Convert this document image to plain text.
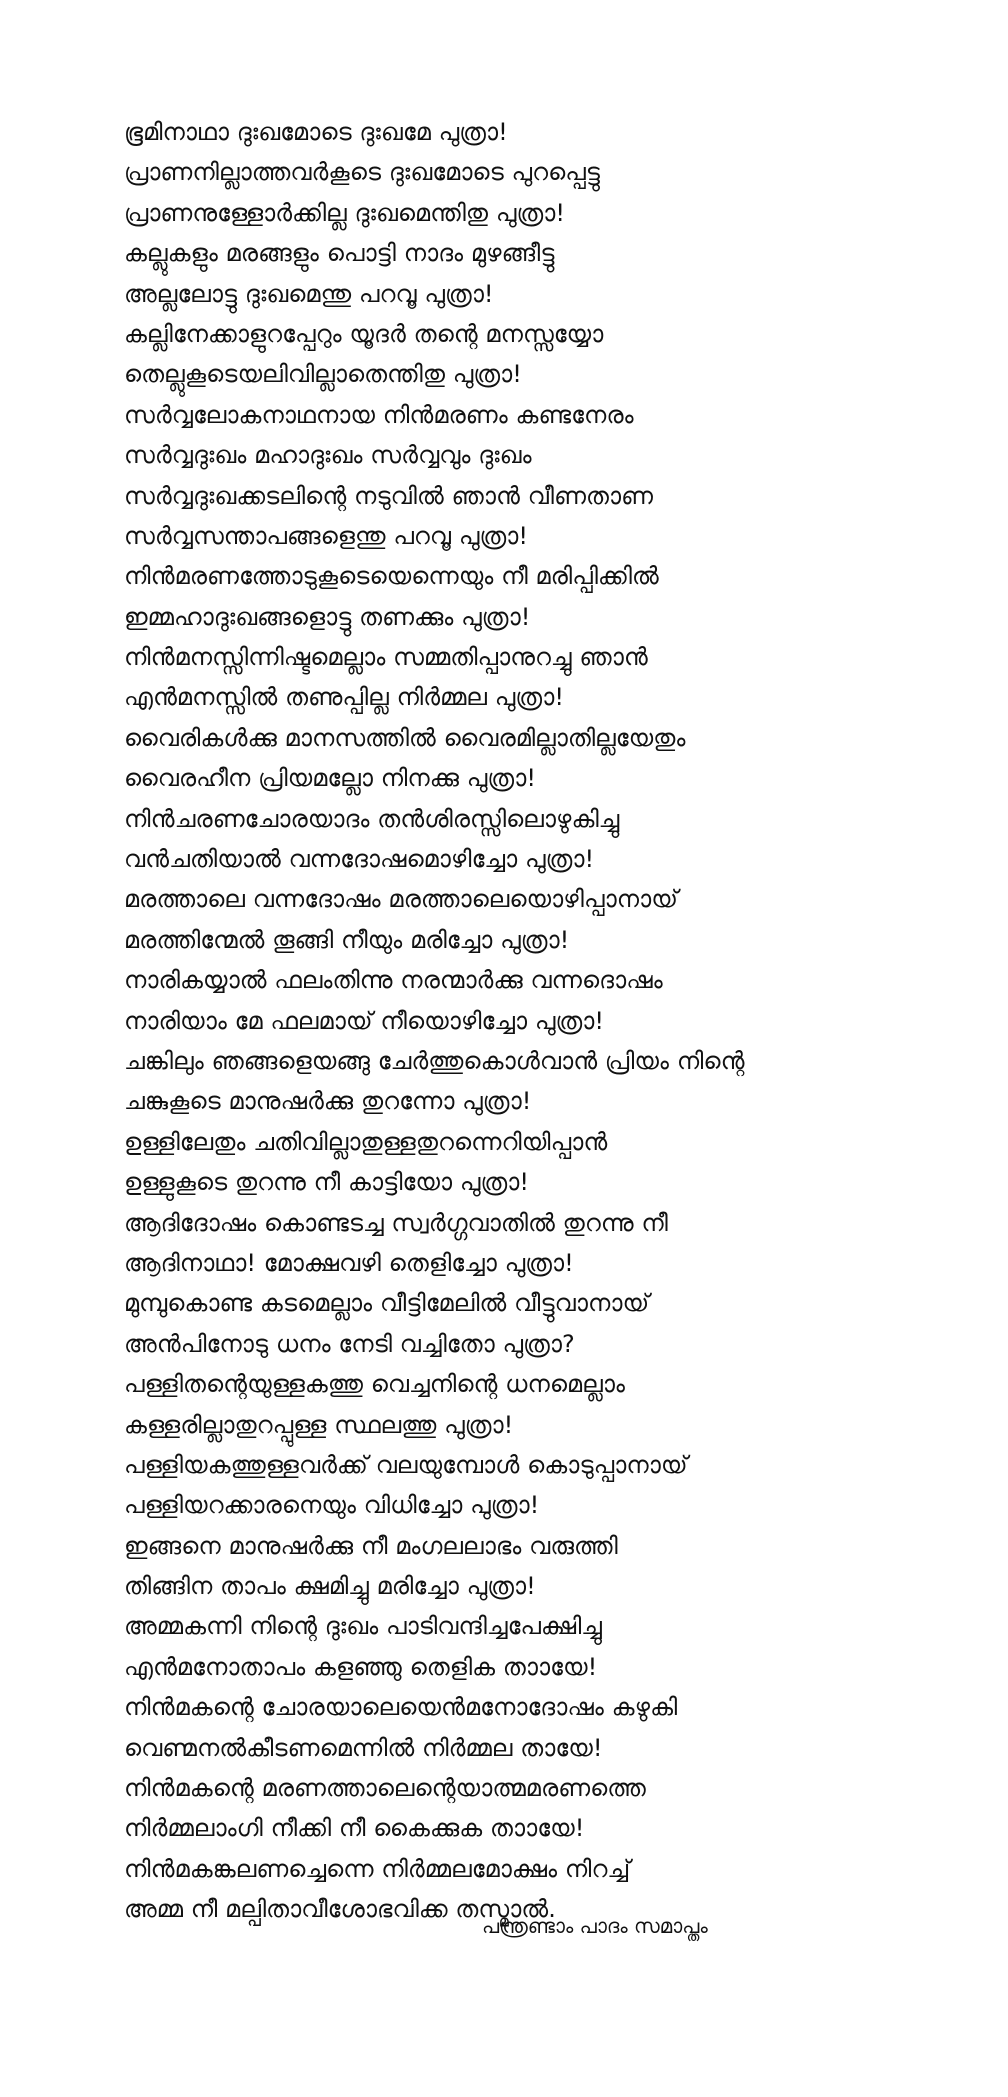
ഭൂമിനാഥാ ദുഃഖമോടെ ദുഃഖമേ പുത്രാ!
പ്രാണനില്ലാത്തവർകൂടെ ദുഃഖമോടെ പുറപ്പെട്ടു
പ്രാണനുള്ളോർക്കില്ല ദുഃഖമെന്തിതു പുത്രാ!
കല്ലുകളും മരങ്ങളും പൊട്ടി നാദം മുഴങ്ങീട്ടു
അല്ലലോട്ടു ദുഃഖമെന്തു പറവൂ പുത്രാ!
കല്ലിനേക്കാളുറപ്പേറും യൂദർ തന്റെ മനസ്സയ്യോ
തെല്ലുകൂടെയലിവില്ലാതെന്തിതു പുത്രാ!
സർവ്വലോകനാഥനായ നിൻമരണം കണ്ടനേരം
സർവ്വദുഃഖം മഹാദുഃഖം സർവ്വവും ദുഃഖം
സർവ്വദുഃഖക്കടലിന്റെ നടുവിൽ ഞാൻ വീണതാണ
സർവ്വസന്താപങ്ങളെന്തു പറവൂ പുത്രാ!
നിൻമരണത്തോടുകൂടെയെന്നെയും നീ മരിപ്പിക്കിൽ
ഇമ്മഹാദുഃഖങ്ങളൊട്ടു തണക്കും പുത്രാ!
നിൻമനസ്സിന്നിഷ്ടമെല്ലാം സമ്മതിപ്പാനുറച്ചു ഞാൻ
എൻമനസ്സിൽ തണുപ്പില്ല നിർമ്മല പുത്രാ!
വൈരികൾക്കു മാനസത്തിൽ വൈരമില്ലാതില്ലയേതും
വൈരഹീന പ്രിയമല്ലോ നിനക്കു പുത്രാ!
നിൻചരണചോരയാദം തൻശിരസ്സിലൊഴുകിച്ചു
വൻചതിയാൽ വന്നദോഷമൊഴിച്ചോ പുത്രാ!
മരത്താലെ വന്നദോഷം മരത്താലെയൊഴിപ്പാനായ്
മരത്തിന്മേൽ തൂങ്ങി നീയും മരിച്ചോ പുത്രാ!
നാരികയ്യാൽ ഫലംതിന്നു നരന്മാർക്കു വന്നദൊഷം
നാരിയാം മേ ഫലമായ് നീയൊഴിച്ചോ പുത്രാ!
ചങ്കിലും ഞങ്ങളെയങ്ങു ചേർത്തുകൊൾവാൻ പ്രിയം നിന്റെ
ചങ്കുകൂടെ മാനുഷർക്കു തുറന്നോ പുത്രാ!
ഉള്ളിലേതും ചതിവില്ലാതുള്ളതുറന്നെറിയിപ്പാൻ
ഉള്ളുകൂടെ തുറന്നു നീ കാട്ടിയോ പുത്രാ!
ആദിദോഷം കൊണ്ടടച്ച സ്വർഗ്ഗവാതിൽ തുറന്നു നീ
ആദിനാഥാ! മോക്ഷവഴി തെളിച്ചോ പുത്രാ!
മുമ്പുകൊണ്ട കടമെല്ലാം വീട്ടിമേലിൽ വീട്ടുവാനായ്
അൻപിനോടു ധനം നേടി വച്ചിതോ പുത്രാ?
പള്ളിതന്റെയുള്ളകത്തു വെച്ചനിന്റെ ധനമെല്ലാം
കള്ളരില്ലാതുറപ്പുള്ള സ്ഥലത്തു പുത്രാ!
പള്ളിയകത്തുള്ളവർക്ക് വലയുമ്പോൾ കൊടുപ്പാനായ്
പള്ളിയറക്കാരനെയും വിധിച്ചോ പുത്രാ!
ഇങ്ങനെ മാനുഷർക്കു നീ മംഗലലാഭം വരുത്തി
തിങ്ങിന താപം ക്ഷമിച്ചു മരിച്ചോ പുത്രാ!
അമ്മകന്നി നിന്റെ ദുഃഖം പാടിവന്ദിച്ചപേക്ഷിച്ചു
എൻമനോതാപം കളഞ്ഞു തെളിക താായേ!
നിൻമകന്റെ ചോരയാലെയെൻമനോദോഷം കഴുകി
വെണ്മനൽകീടണമെന്നിൽ നിർമ്മല തായേ!
നിൻമകന്റെ മരണത്താലെന്റെയാത്മമരണത്തെ
നിർമ്മലാംഗി നീക്കി നീ കൈക്കുക താായേ!
നിൻമകങ്കലണച്ചെന്നെ നിർമ്മലമോക്ഷം നിറച്ച്
അമ്മ നീ മല്പിതാവീശോഭവിക്ക തസ്മാൽ.
പന്ത്രണ്ടാം പാദം സമാപ്തം
